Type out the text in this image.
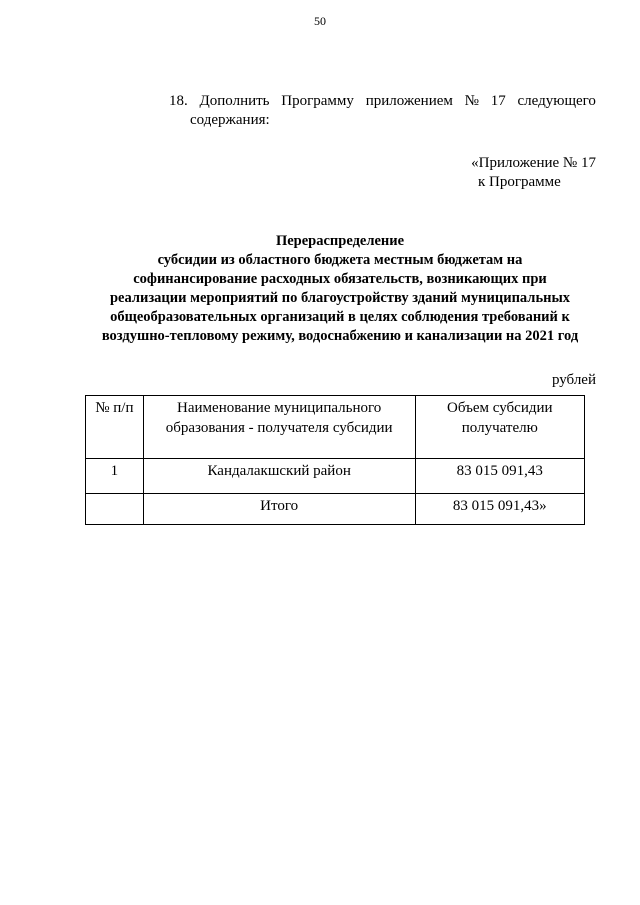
50
18. Дополнить Программу приложением № 17 следующего
содержания:
«Приложение № 17
к Программе
Перераспределение
субсидии из областного бюджета местным бюджетам на
софинансирование расходных обязательств, возникающих при
реализации мероприятий по благоустройству зданий муниципальных
общеобразовательных организаций в целях соблюдения требований к
воздушно-тепловому режиму, водоснабжению и канализации на 2021 год
рублей
№ п/п	Наименование муниципального образования - получателя субсидии	Объем субсидии получателю
1	Кандалакшский район	83 015 091,43
	Итого	83 015 091,43»
